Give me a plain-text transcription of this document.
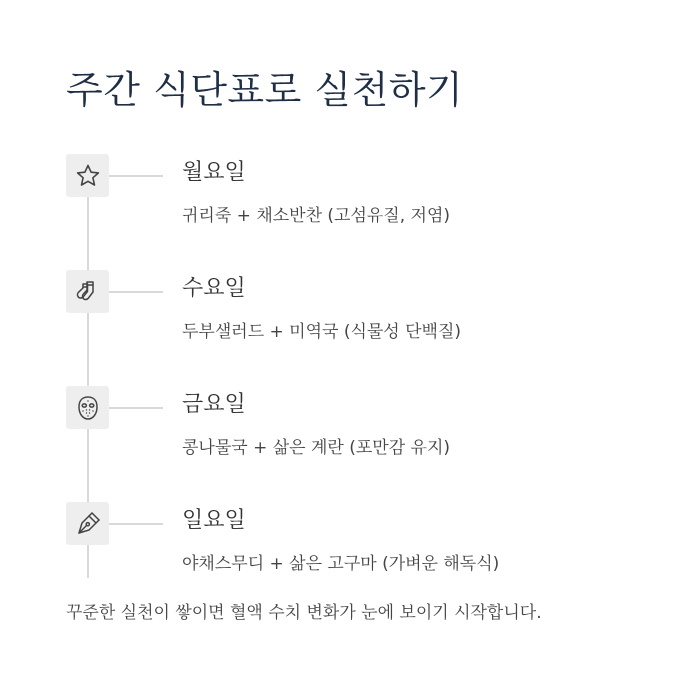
주간 식단표로 실천하기
월요일
귀리죽 + 채소반찬 (고섬유질, 저염)
수요일
두부샐러드 + 미역국 (식물성 단백질)
금요일
콩나물국 + 삶은 계란 (포만감 유지)
일요일
야채스무디 + 삶은 고구마 (가벼운 해독식)
꾸준한 실천이 쌓이면 혈액 수치 변화가 눈에 보이기 시작합니다.
